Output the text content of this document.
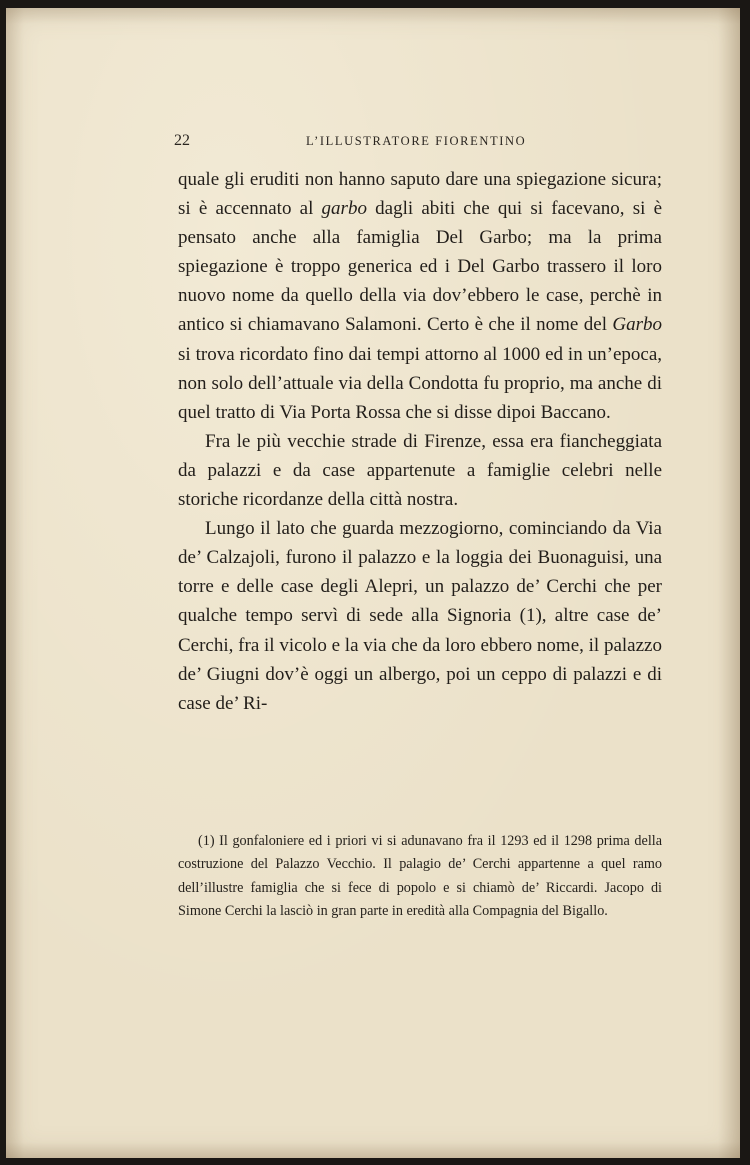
22	L’ILLUSTRATORE FIORENTINO

quale gli eruditi non hanno saputo dare una spiegazione sicura; si è accennato al garbo dagli abiti che qui si facevano, si è pensato anche alla famiglia Del Garbo; ma la prima spiegazione è troppo generica ed i Del Garbo trassero il loro nuovo nome da quello della via dov’ebbero le case, perchè in antico si chiamavano Salamoni. Certo è che il nome del Garbo si trova ricordato fino dai tempi attorno al 1000 ed in un’epoca, non solo dell’attuale via della Condotta fu proprio, ma anche di quel tratto di Via Porta Rossa che si disse dipoi Baccano.

Fra le più vecchie strade di Firenze, essa era fiancheggiata da palazzi e da case appartenute a famiglie celebri nelle storiche ricordanze della città nostra.

Lungo il lato che guarda mezzogiorno, cominciando da Via de’ Calzajoli, furono il palazzo e la loggia dei Buonaguisi, una torre e delle case degli Alepri, un palazzo de’ Cerchi che per qualche tempo servì di sede alla Signoria (1), altre case de’ Cerchi, fra il vicolo e la via che da loro ebbero nome, il palazzo de’ Giugni dov’è oggi un albergo, poi un ceppo di palazzi e di case de’ Ri-

(1) Il gonfaloniere ed i priori vi si adunavano fra il 1293 ed il 1298 prima della costruzione del Palazzo Vecchio. Il palagio de’ Cerchi appartenne a quel ramo dell’illustre famiglia che si fece di popolo e si chiamò de’ Riccardi. Jacopo di Simone Cerchi la lasciò in gran parte in eredità alla Compagnia del Bigallo.
